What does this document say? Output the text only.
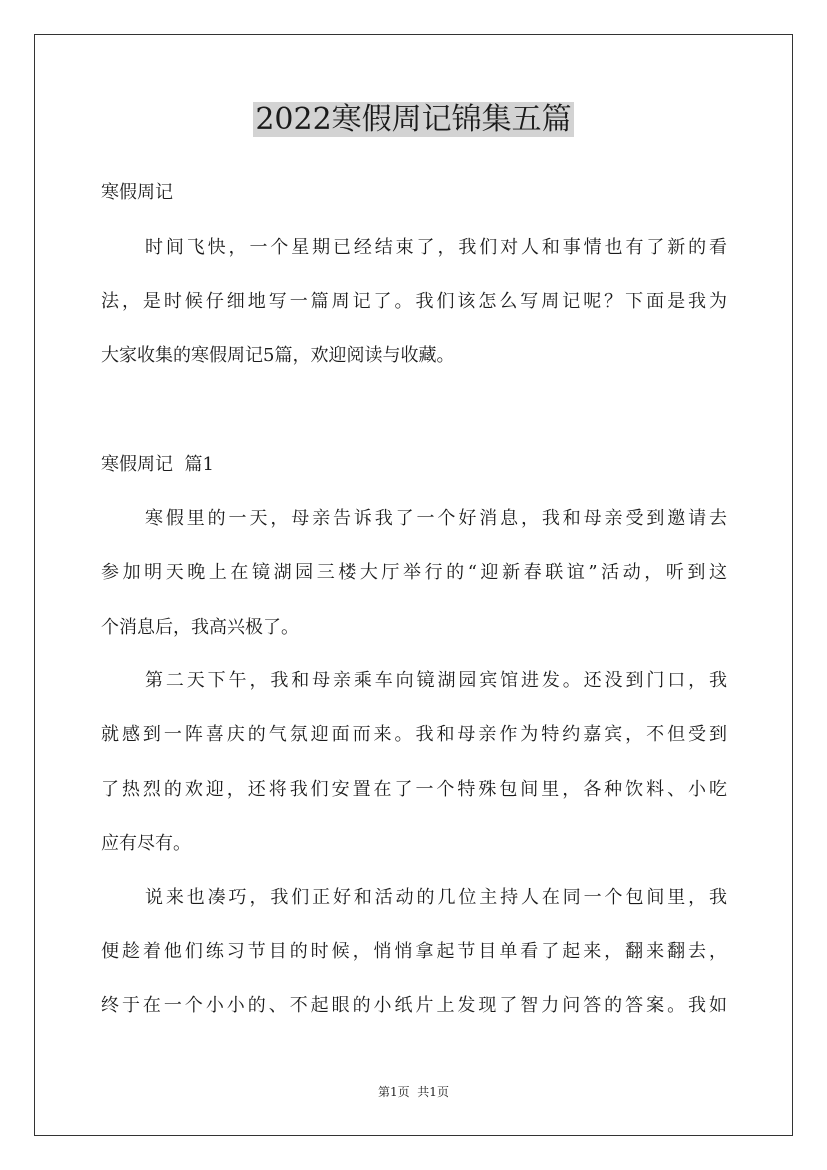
2022寒假周记锦集五篇

寒假周记

时间飞快，一个星期已经结束了，我们对人和事情也有了新的看

法，是时候仔细地写一篇周记了。我们该怎么写周记呢？下面是我为

大家收集的寒假周记5篇，欢迎阅读与收藏。

寒假周记  篇1

寒假里的一天，母亲告诉我了一个好消息，我和母亲受到邀请去

参加明天晚上在镜湖园三楼大厅举行的“迎新春联谊”活动，听到这

个消息后，我高兴极了。

第二天下午，我和母亲乘车向镜湖园宾馆进发。还没到门口，我

就感到一阵喜庆的气氛迎面而来。我和母亲作为特约嘉宾，不但受到

了热烈的欢迎，还将我们安置在了一个特殊包间里，各种饮料、小吃

应有尽有。

说来也凑巧，我们正好和活动的几位主持人在同一个包间里，我

便趁着他们练习节目的时候，悄悄拿起节目单看了起来，翻来翻去，

终于在一个小小的、不起眼的小纸片上发现了智力问答的答案。我如

第1页  共1页
